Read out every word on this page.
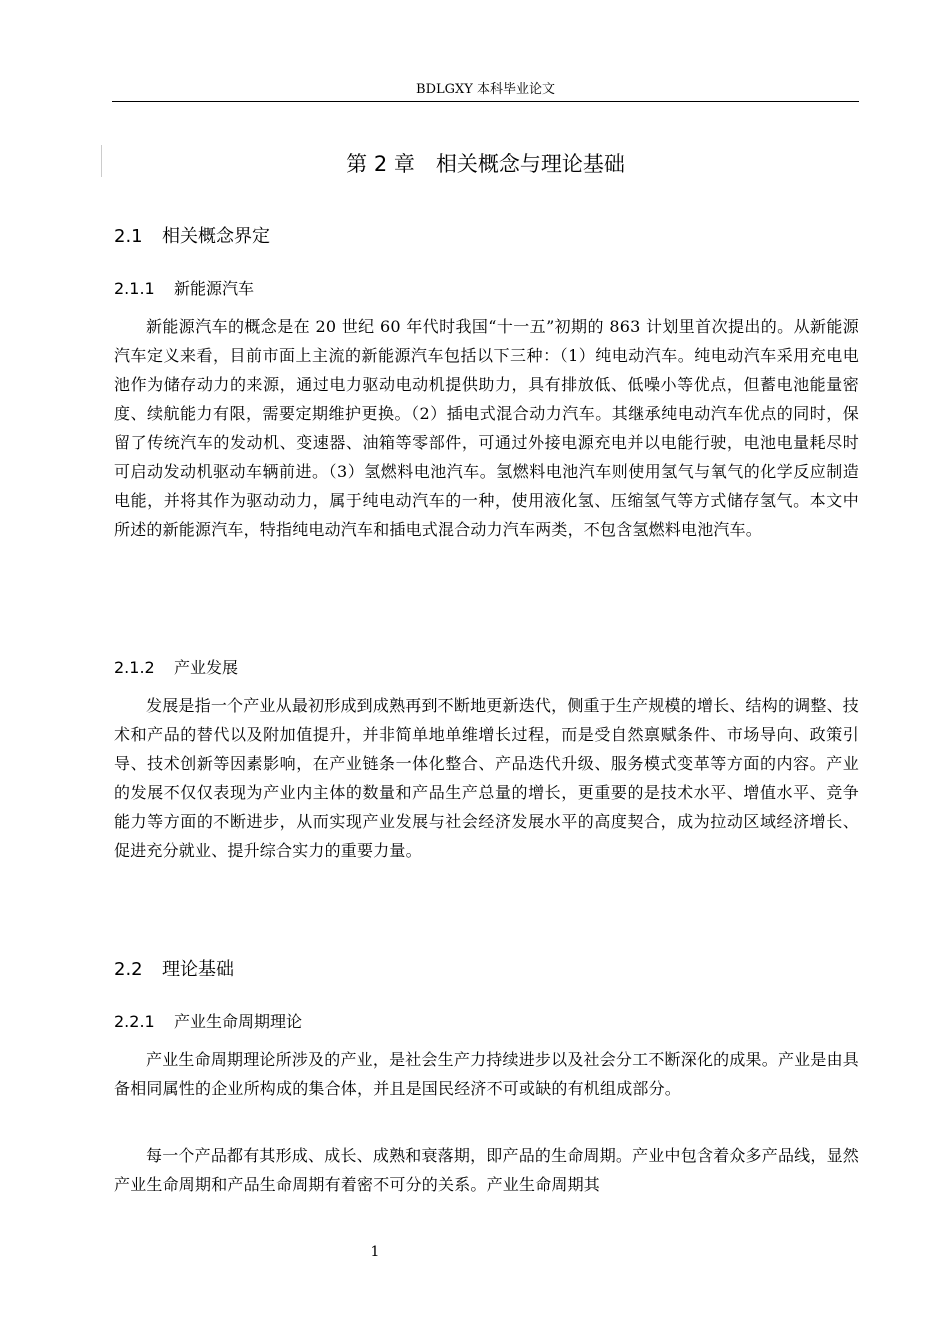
BDLGXY 本科毕业论文
第 2 章　相关概念与理论基础
2.1 相关概念界定
2.1.1 新能源汽车

新能源汽车的概念是在 20 世纪 60 年代时我国“十一五”初期的 863 计划里首次提出的。从新能源汽车定义来看，目前市面上主流的新能源汽车包括以下三种：（1）纯电动汽车。纯电动汽车采用充电电池作为储存动力的来源，通过电力驱动电动机提供助力，具有排放低、低噪小等优点，但蓄电池能量密度、续航能力有限，需要定期维护更换。（2）插电式混合动力汽车。其继承纯电动汽车优点的同时，保留了传统汽车的发动机、变速器、油箱等零部件，可通过外接电源充电并以电能行驶，电池电量耗尽时可启动发动机驱动车辆前进。（3）氢燃料电池汽车。氢燃料电池汽车则使用氢气与氧气的化学反应制造电能，并将其作为驱动动力，属于纯电动汽车的一种，使用液化氢、压缩氢气等方式储存氢气。本文中所述的新能源汽车，特指纯电动汽车和插电式混合动力汽车两类，不包含氢燃料电池汽车。

2.1.2 产业发展

发展是指一个产业从最初形成到成熟再到不断地更新迭代，侧重于生产规模的增长、结构的调整、技术和产品的替代以及附加值提升，并非简单地单维增长过程，而是受自然禀赋条件、市场导向、政策引导、技术创新等因素影响，在产业链条一体化整合、产品迭代升级、服务模式变革等方面的内容。产业的发展不仅仅表现为产业内主体的数量和产品生产总量的增长，更重要的是技术水平、增值水平、竞争能力等方面的不断进步，从而实现产业发展与社会经济发展水平的高度契合，成为拉动区域经济增长、促进充分就业、提升综合实力的重要力量。

2.2 理论基础
2.2.1 产业生命周期理论

产业生命周期理论所涉及的产业，是社会生产力持续进步以及社会分工不断深化的成果。产业是由具备相同属性的企业所构成的集合体，并且是国民经济不可或缺的有机组成部分。

每一个产品都有其形成、成长、成熟和衰落期，即产品的生命周期。产业中包含着众多产品线，显然产业生命周期和产品生命周期有着密不可分的关系。产业生命周期其

1
